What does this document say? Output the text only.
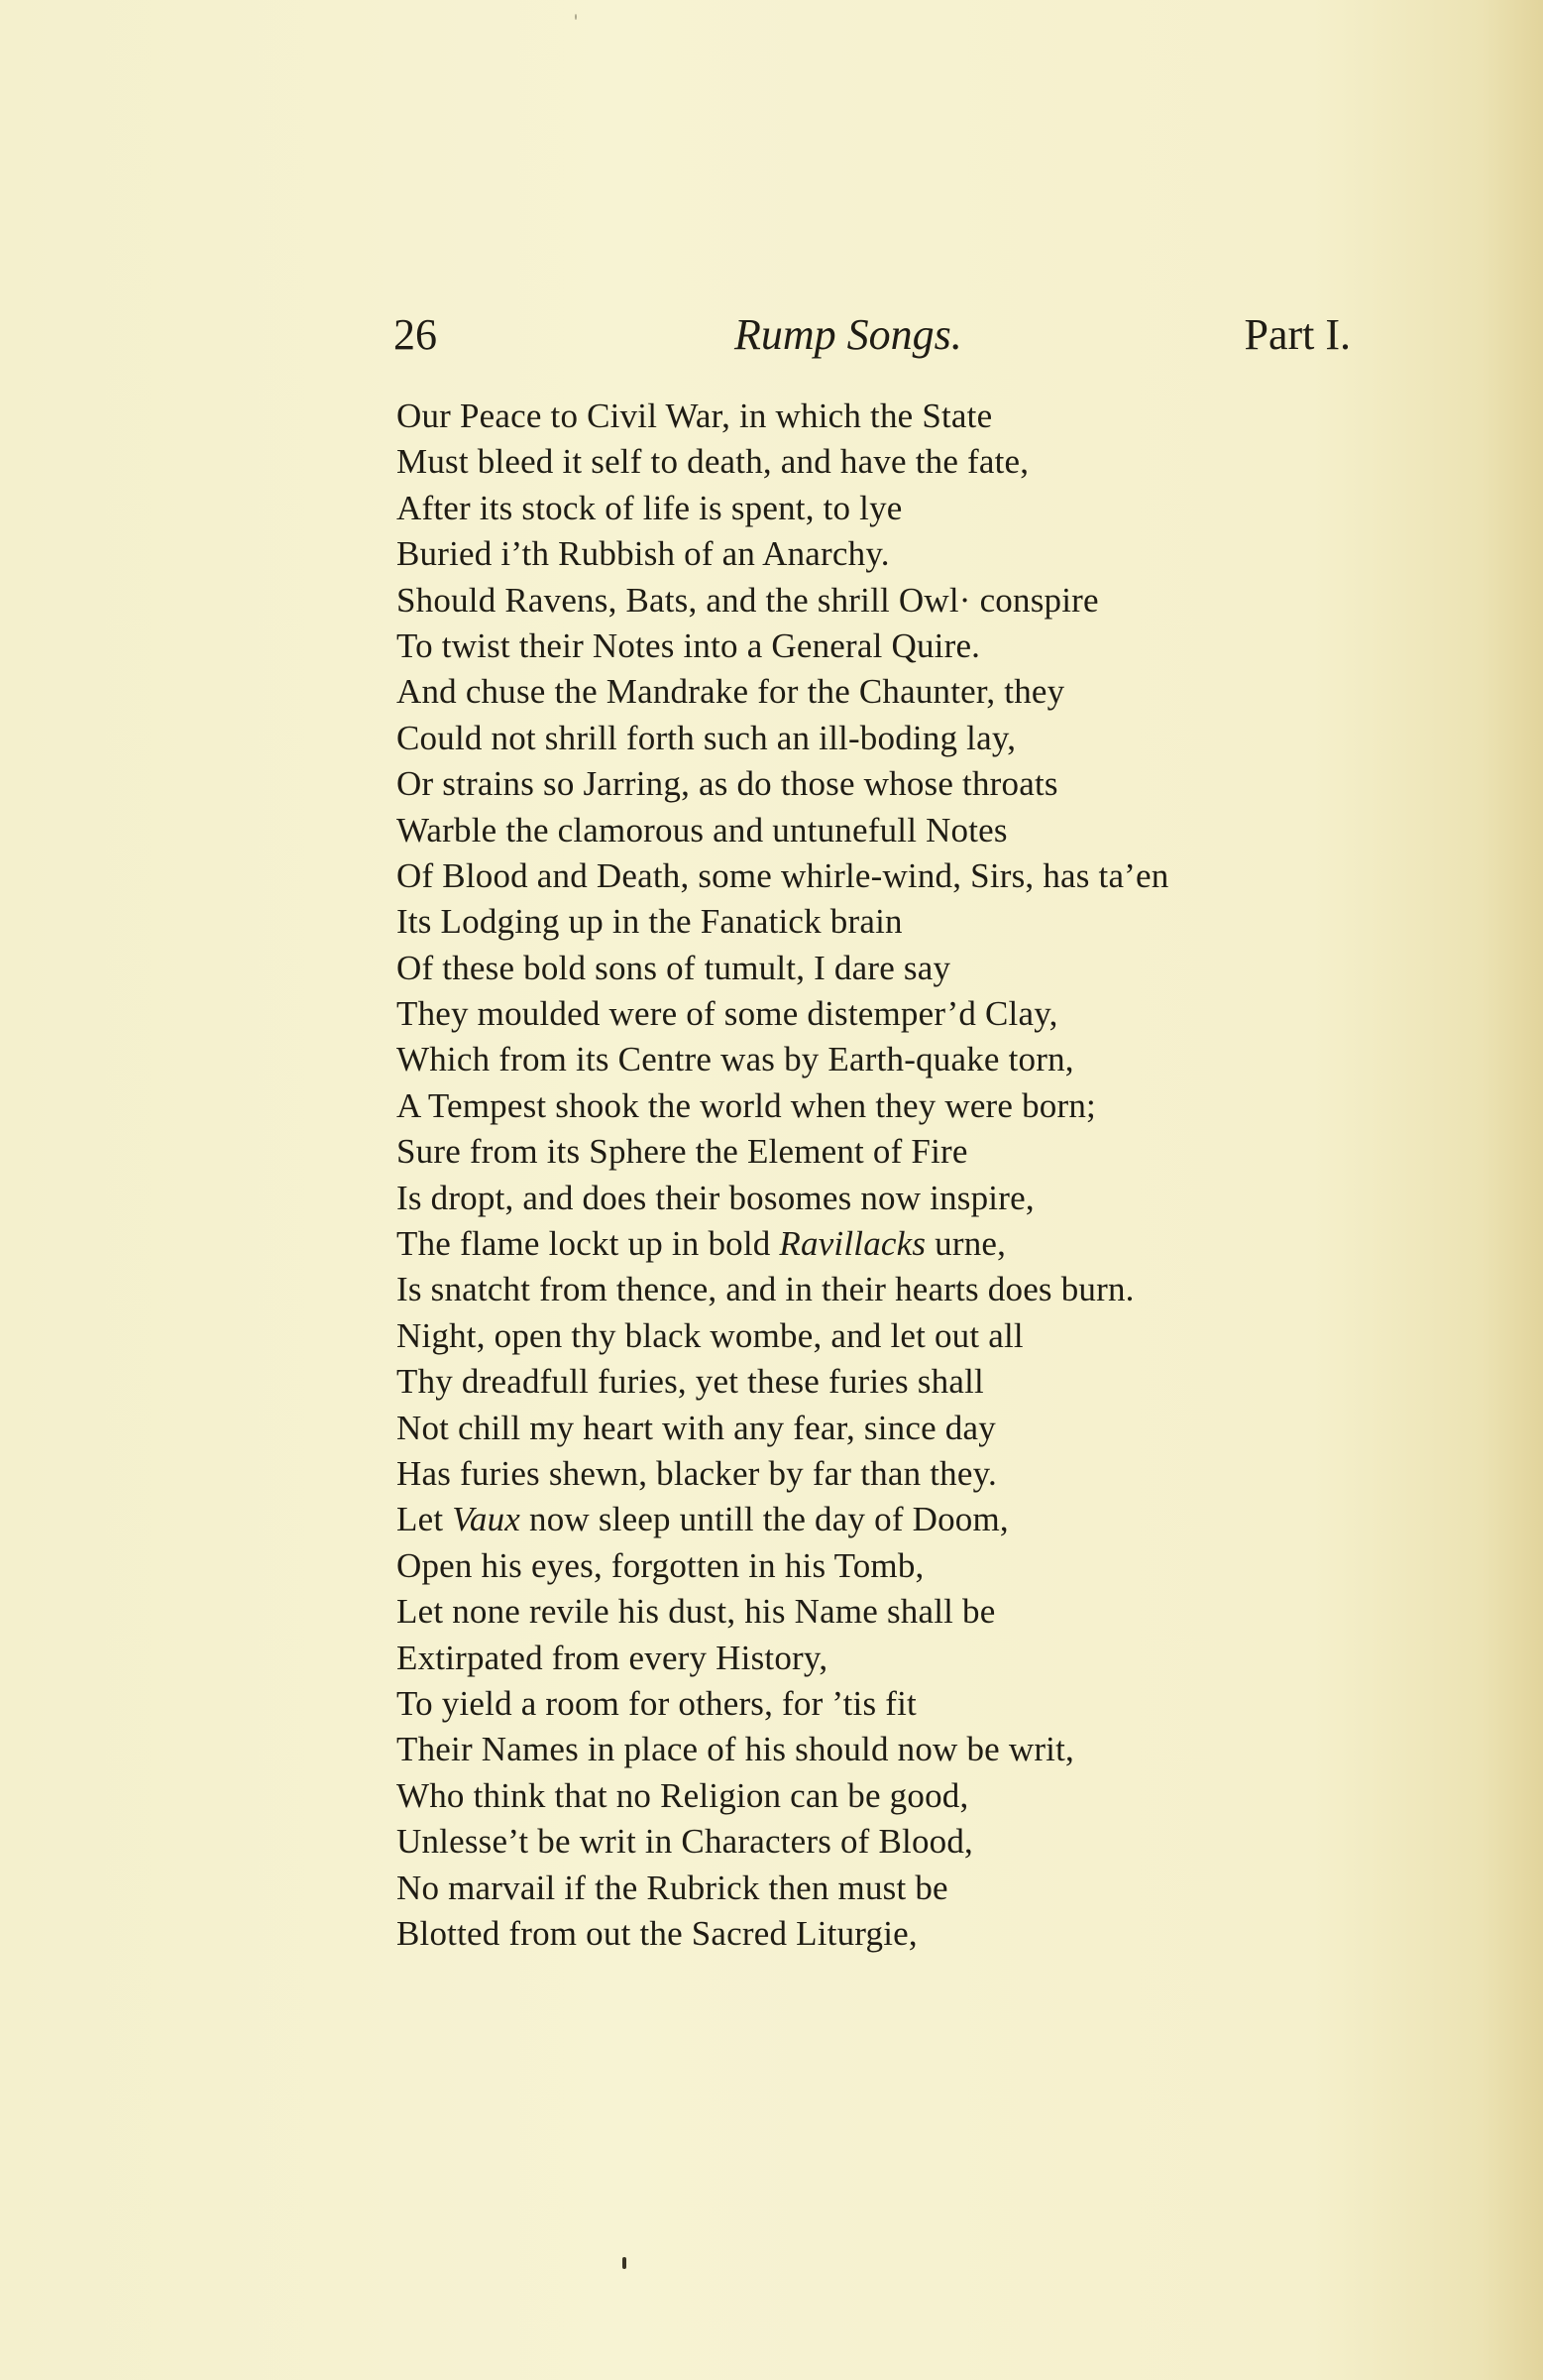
26	Rump Songs.	Part I.
Our Peace to Civil War, in which the State
Must bleed it self to death, and have the fate,
After its stock of life is spent, to lye
Buried i’th Rubbish of an Anarchy.
Should Ravens, Bats, and the shrill Owl· conspire
To twist their Notes into a General Quire.
And chuse the Mandrake for the Chaunter, they
Could not shrill forth such an ill-boding lay,
Or strains so Jarring, as do those whose throats
Warble the clamorous and untunefull Notes
Of Blood and Death, some whirle-wind, Sirs, has ta’en
Its Lodging up in the Fanatick brain
Of these bold sons of tumult, I dare say
They moulded were of some distemper’d Clay,
Which from its Centre was by Earth-quake torn,
A Tempest shook the world when they were born;
Sure from its Sphere the Element of Fire
Is dropt, and does their bosomes now inspire,
The flame lockt up in bold Ravillacks urne,
Is snatcht from thence, and in their hearts does burn.
Night, open thy black wombe, and let out all
Thy dreadfull furies, yet these furies shall
Not chill my heart with any fear, since day
Has furies shewn, blacker by far than they.
Let Vaux now sleep untill the day of Doom,
Open his eyes, forgotten in his Tomb,
Let none revile his dust, his Name shall be
Extirpated from every History,
To yield a room for others, for ’tis fit
Their Names in place of his should now be writ,
Who think that no Religion can be good,
Unlesse’t be writ in Characters of Blood,
No marvail if the Rubrick then must be
Blotted from out the Sacred Liturgie,
